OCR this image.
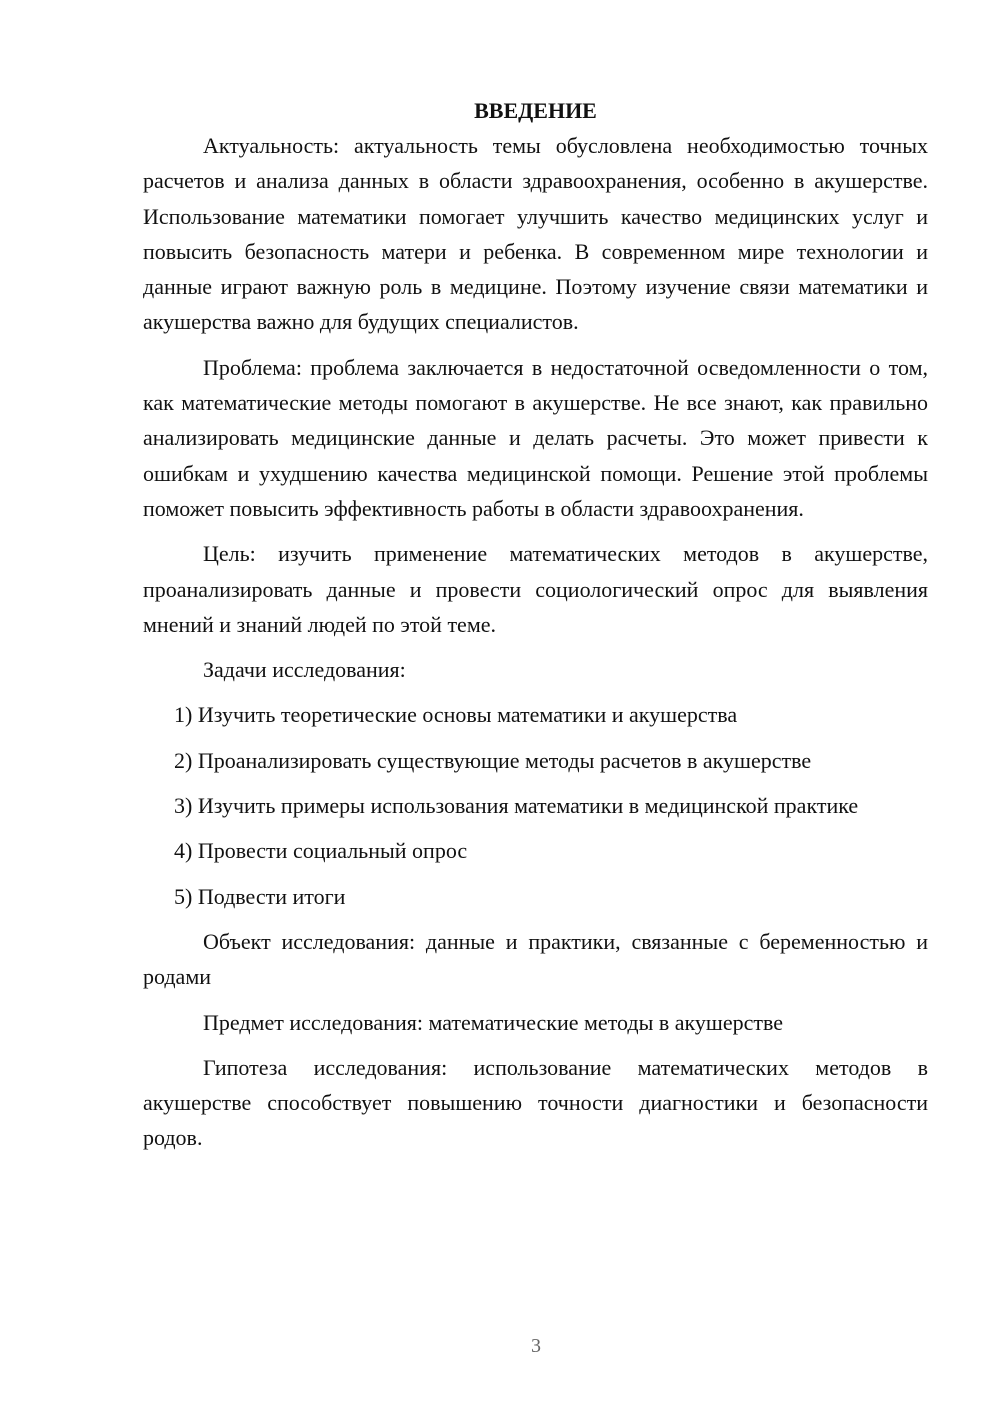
ВВЕДЕНИЕ

Актуальность: актуальность темы обусловлена необходимостью точных расчетов и анализа данных в области здравоохранения, особенно в акушерстве. Использование математики помогает улучшить качество медицинских услуг и повысить безопасность матери и ребенка. В современном мире технологии и данные играют важную роль в медицине. Поэтому изучение связи математики и акушерства важно для будущих специалистов.

Проблема: проблема заключается в недостаточной осведомленности о том, как математические методы помогают в акушерстве. Не все знают, как правильно анализировать медицинские данные и делать расчеты. Это может привести к ошибкам и ухудшению качества медицинской помощи. Решение этой проблемы поможет повысить эффективность работы в области здравоохранения.

Цель: изучить применение математических методов в акушерстве, проанализировать данные и провести социологический опрос для выявления мнений и знаний людей по этой теме.

Задачи исследования:

1) Изучить теоретические основы математики и акушерства

2) Проанализировать существующие методы расчетов в акушерстве

3) Изучить примеры использования математики в медицинской практике

4) Провести социальный опрос

5) Подвести итоги

Объект исследования: данные и практики, связанные с беременностью и родами

Предмет исследования: математические методы в акушерстве

Гипотеза исследования: использование математических методов в акушерстве способствует повышению точности диагностики и безопасности родов.

3
